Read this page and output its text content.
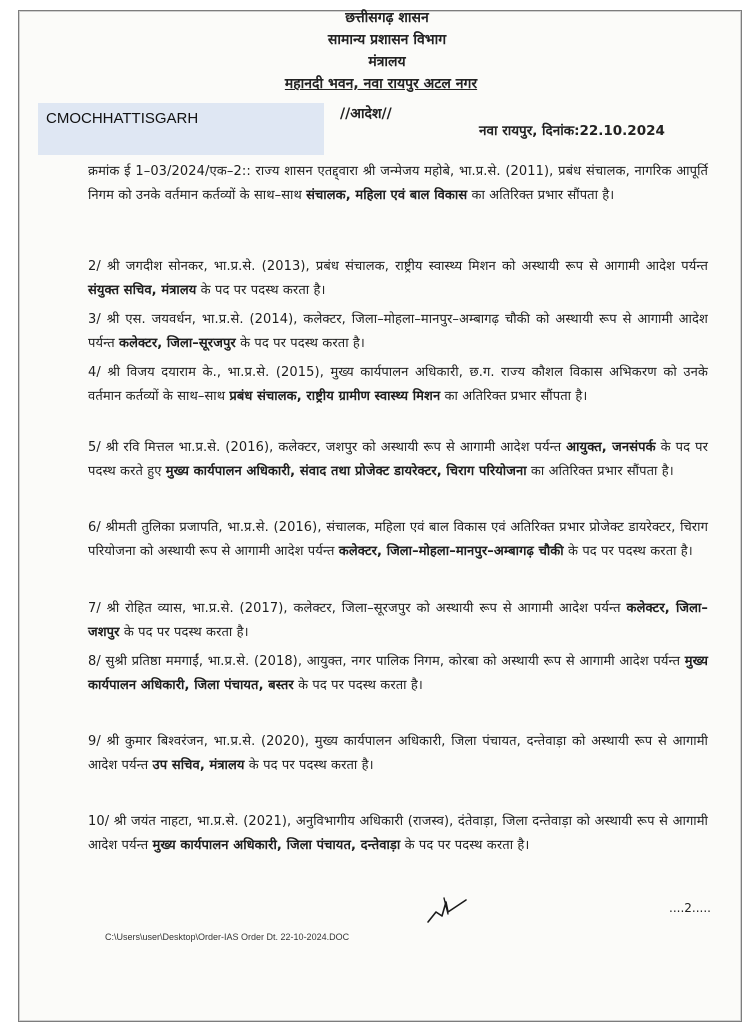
छत्तीसगढ़ शासन
सामान्य प्रशासन विभाग
मंत्रालय
महानदी भवन, नवा रायपुर अटल नगर
CMOCHHATTISGARH	//आदेश//
नवा रायपुर, दिनांक:22.10.2024
क्रमांक ई 1–03/2024/एक–2:: राज्य शासन एतद्द्वारा श्री जन्मेजय महोबे, भा.प्र.से. (2011), प्रबंध संचालक, नागरिक आपूर्ति निगम को उनके वर्तमान कर्तव्यों के साथ–साथ संचालक, महिला एवं बाल विकास का अतिरिक्त प्रभार सौंपता है।
2/ श्री जगदीश सोनकर, भा.प्र.से. (2013), प्रबंध संचालक, राष्ट्रीय स्वास्थ्य मिशन को अस्थायी रूप से आगामी आदेश पर्यन्त संयुक्त सचिव, मंत्रालय के पद पर पदस्थ करता है।
3/ श्री एस. जयवर्धन, भा.प्र.से. (2014), कलेक्टर, जिला–मोहला–मानपुर–अम्बागढ़ चौकी को अस्थायी रूप से आगामी आदेश पर्यन्त कलेक्टर, जिला–सूरजपुर के पद पर पदस्थ करता है।
4/ श्री विजय दयाराम के., भा.प्र.से. (2015), मुख्य कार्यपालन अधिकारी, छ.ग. राज्य कौशल विकास अभिकरण को उनके वर्तमान कर्तव्यों के साथ–साथ प्रबंध संचालक, राष्ट्रीय ग्रामीण स्वास्थ्य मिशन का अतिरिक्त प्रभार सौंपता है।
5/ श्री रवि मित्तल भा.प्र.से. (2016), कलेक्टर, जशपुर को अस्थायी रूप से आगामी आदेश पर्यन्त आयुक्त, जनसंपर्क के पद पर पदस्थ करते हुए मुख्य कार्यपालन अधिकारी, संवाद तथा प्रोजेक्ट डायरेक्टर, चिराग परियोजना का अतिरिक्त प्रभार सौंपता है।
6/ श्रीमती तुलिका प्रजापति, भा.प्र.से. (2016), संचालक, महिला एवं बाल विकास एवं अतिरिक्त प्रभार प्रोजेक्ट डायरेक्टर, चिराग परियोजना को अस्थायी रूप से आगामी आदेश पर्यन्त कलेक्टर, जिला–मोहला–मानपुर–अम्बागढ़ चौकी के पद पर पदस्थ करता है।
7/ श्री रोहित व्यास, भा.प्र.से. (2017), कलेक्टर, जिला–सूरजपुर को अस्थायी रूप से आगामी आदेश पर्यन्त कलेक्टर, जिला–जशपुर के पद पर पदस्थ करता है।
8/ सुश्री प्रतिष्ठा ममगाईं, भा.प्र.से. (2018), आयुक्त, नगर पालिक निगम, कोरबा को अस्थायी रूप से आगामी आदेश पर्यन्त मुख्य कार्यपालन अधिकारी, जिला पंचायत, बस्तर के पद पर पदस्थ करता है।
9/ श्री कुमार बिश्वरंजन, भा.प्र.से. (2020), मुख्य कार्यपालन अधिकारी, जिला पंचायत, दन्तेवाड़ा को अस्थायी रूप से आगामी आदेश पर्यन्त उप सचिव, मंत्रालय के पद पर पदस्थ करता है।
10/ श्री जयंत नाहटा, भा.प्र.से. (2021), अनुविभागीय अधिकारी (राजस्व), दंतेवाड़ा, जिला दन्तेवाड़ा को अस्थायी रूप से आगामी आदेश पर्यन्त मुख्य कार्यपालन अधिकारी, जिला पंचायत, दन्तेवाड़ा के पद पर पदस्थ करता है।
....2.....
C:\Users\user\Desktop\Order-IAS Order Dt. 22-10-2024.DOC
